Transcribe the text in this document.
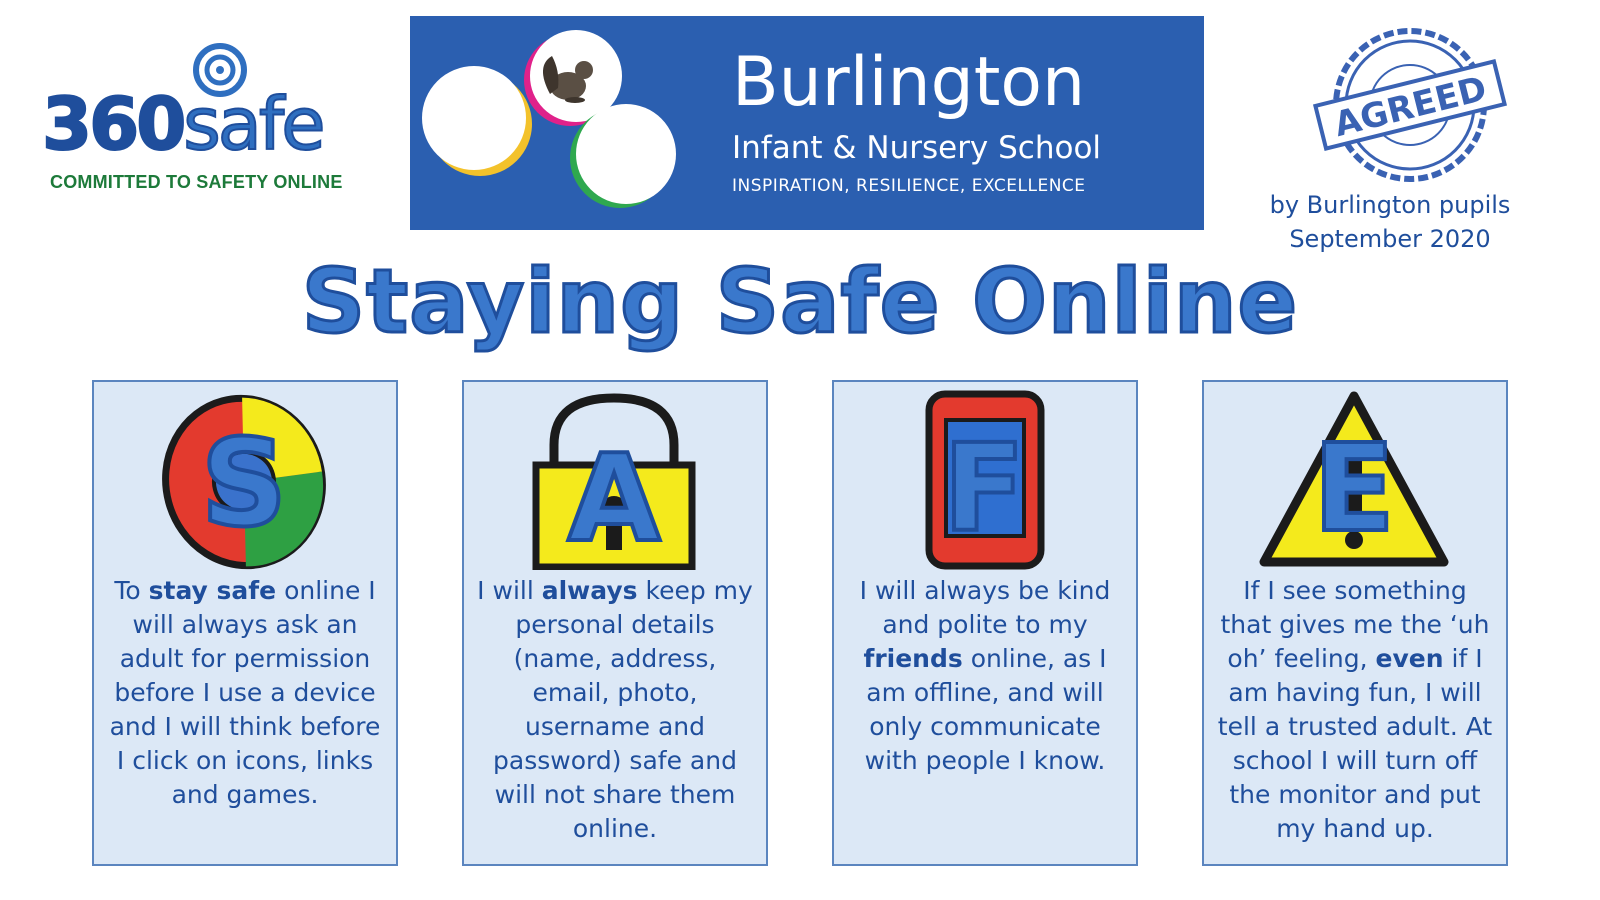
360safe
COMMITTED TO SAFETY ONLINE
Burlington
Infant & Nursery School
INSPIRATION, RESILIENCE, EXCELLENCE
AGREED
by Burlington pupils
September 2020
Staying Safe Online
S
To stay safe online I will always ask an adult for permission before I use a device and I will think before I click on icons, links and games.
A
I will always keep my personal details (name, address, email, photo, username and password) safe and will not share them online.
F
I will always be kind and polite to my friends online, as I am offline, and will only communicate with people I know.
E
If I see something that gives me the ‘uh oh’ feeling, even if I am having fun, I will tell a trusted adult. At school I will turn off the monitor and put my hand up.
